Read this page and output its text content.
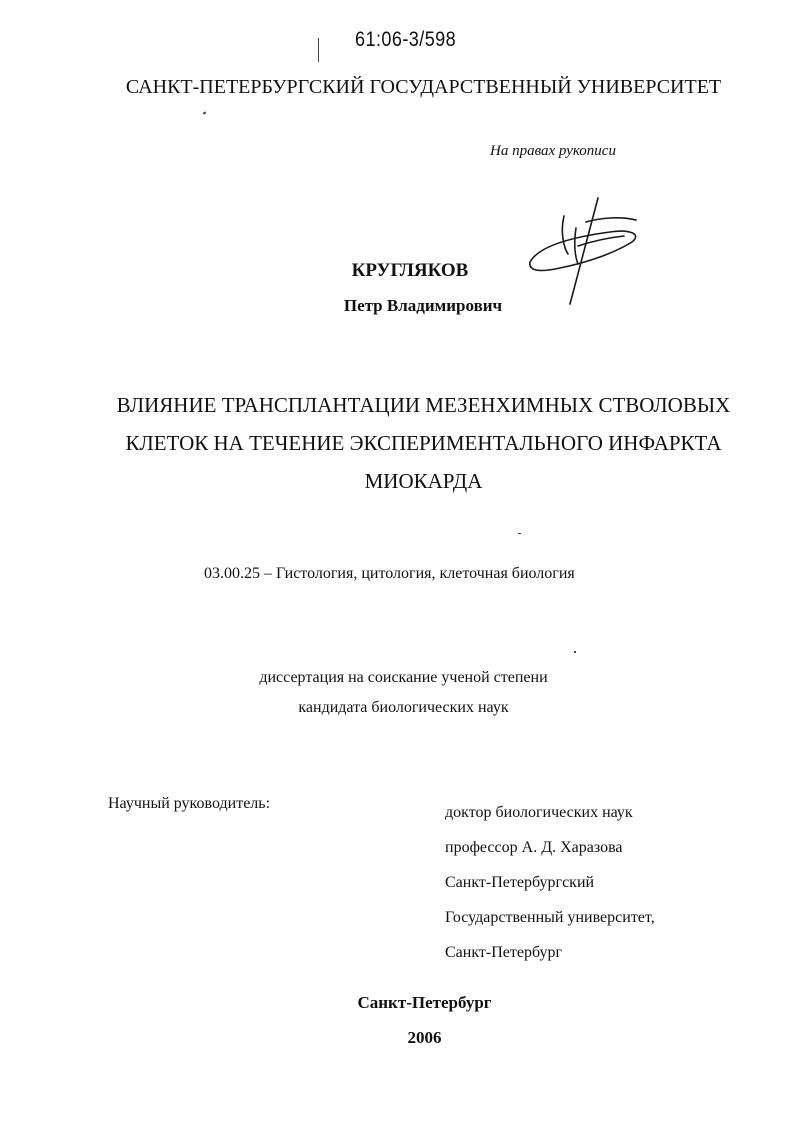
61:06-3/598

САНКТ-ПЕТЕРБУРГСКИЙ ГОСУДАРСТВЕННЫЙ УНИВЕРСИТЕТ

На правах рукописи

КРУГЛЯКОВ

Петр Владимирович

ВЛИЯНИЕ ТРАНСПЛАНТАЦИИ МЕЗЕНХИМНЫХ СТВОЛОВЫХ
КЛЕТОК НА ТЕЧЕНИЕ ЭКСПЕРИМЕНТАЛЬНОГО ИНФАРКТА
МИОКАРДА

03.00.25 – Гистология, цитология, клеточная биология

диссертация на соискание ученой степени
кандидата биологических наук

Научный руководитель:

доктор биологических наук
профессор А. Д. Харазова
Санкт-Петербургский
Государственный университет,
Санкт-Петербург

Санкт-Петербург

2006
